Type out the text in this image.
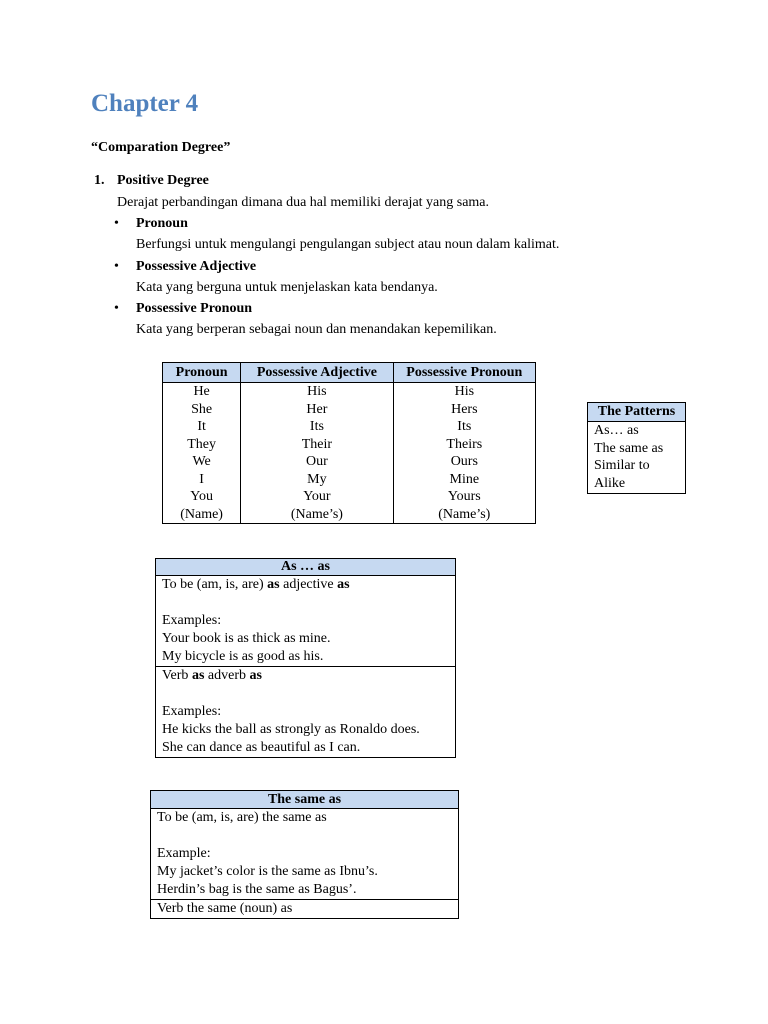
Chapter 4
“Comparation Degree”
1. Positive Degree
Derajat perbandingan dimana dua hal memiliki derajat yang sama.
• Pronoun
Berfungsi untuk mengulangi pengulangan subject atau noun dalam kalimat.
• Possessive Adjective
Kata yang berguna untuk menjelaskan kata bendanya.
• Possessive Pronoun
Kata yang berperan sebagai noun dan menandakan kepemilikan.
Pronoun	Possessive Adjective	Possessive Pronoun
He	His	His
She	Her	Hers
It	Its	Its
They	Their	Theirs
We	Our	Ours
I	My	Mine
You	Your	Yours
(Name)	(Name’s)	(Name’s)
The Patterns
As… as
The same as
Similar to
Alike
As … as

To be (am, is, are) as adjective as
Examples:
Your book is as thick as mine.
My bicycle is as good as his.

Verb as adverb as
Examples:
He kicks the ball as strongly as Ronaldo does.
She can dance as beautiful as I can.
The same as

To be (am, is, are) the same as
Example:
My jacket’s color is the same as Ibnu’s.
Herdin’s bag is the same as Bagus’.

Verb the same (noun) as
